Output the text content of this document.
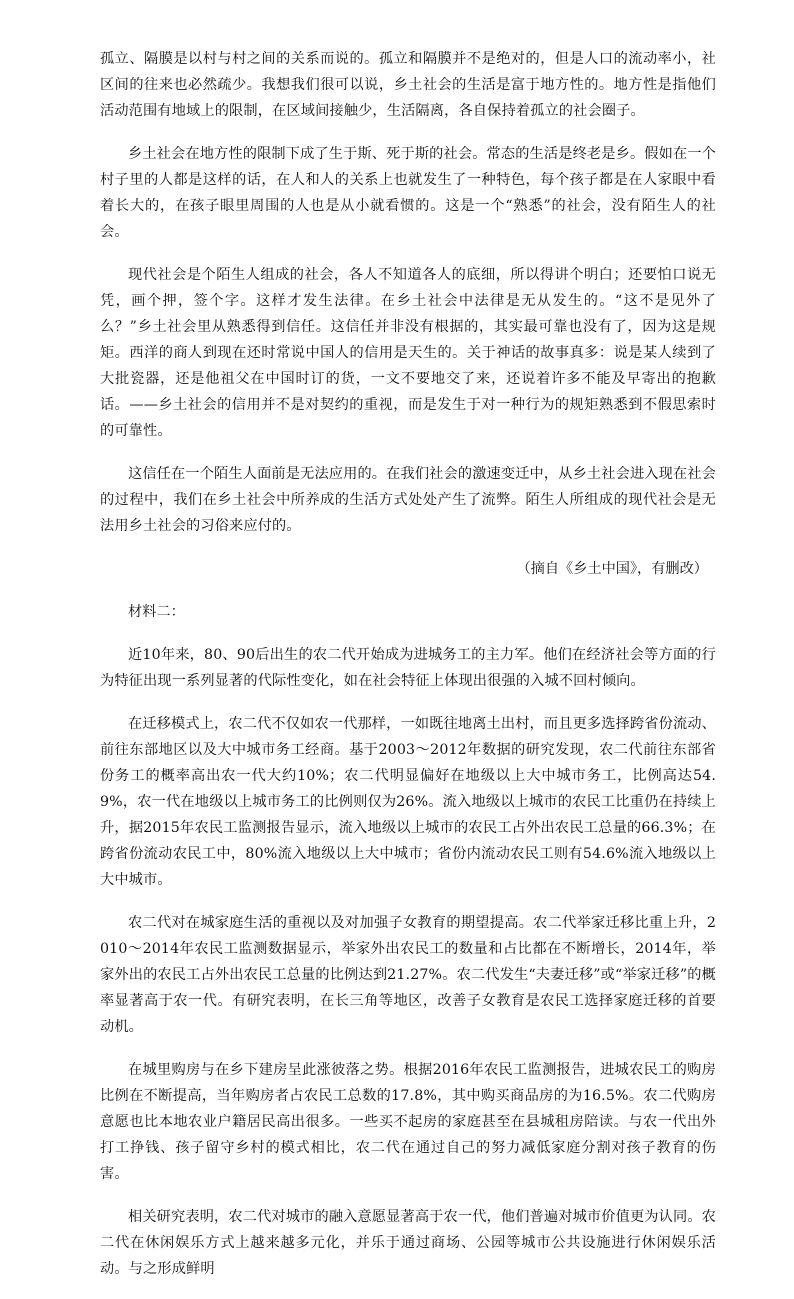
孤立、隔膜是以村与村之间的关系而说的。孤立和隔膜并不是绝对的，但是人口的流动率小，社区间的往来也必然疏少。我想我们很可以说，乡土社会的生活是富于地方性的。地方性是指他们活动范围有地域上的限制，在区域间接触少，生活隔离，各自保持着孤立的社会圈子。

乡土社会在地方性的限制下成了生于斯、死于斯的社会。常态的生活是终老是乡。假如在一个村子里的人都是这样的话，在人和人的关系上也就发生了一种特色，每个孩子都是在人家眼中看着长大的，在孩子眼里周围的人也是从小就看惯的。这是一个“熟悉”的社会，没有陌生人的社会。

现代社会是个陌生人组成的社会，各人不知道各人的底细，所以得讲个明白；还要怕口说无凭，画个押，签个字。这样才发生法律。在乡土社会中法律是无从发生的。“这不是见外了么？”乡土社会里从熟悉得到信任。这信任并非没有根据的，其实最可靠也没有了，因为这是规矩。西洋的商人到现在还时常说中国人的信用是天生的。关于神话的故事真多：说是某人续到了大批瓷器，还是他祖父在中国时订的货，一文不要地交了来，还说着许多不能及早寄出的抱歉话。——乡土社会的信用并不是对契约的重视，而是发生于对一种行为的规矩熟悉到不假思索时的可靠性。

这信任在一个陌生人面前是无法应用的。在我们社会的激速变迁中，从乡土社会进入现在社会的过程中，我们在乡土社会中所养成的生活方式处处产生了流弊。陌生人所组成的现代社会是无法用乡土社会的习俗来应付的。

（摘自《乡土中国》，有删改）

材料二：

近10年来，80、90后出生的农二代开始成为进城务工的主力军。他们在经济社会等方面的行为特征出现一系列显著的代际性变化，如在社会特征上体现出很强的入城不回村倾向。

在迁移模式上，农二代不仅如农一代那样，一如既往地离土出村，而且更多选择跨省份流动、前往东部地区以及大中城市务工经商。基于2003～2012年数据的研究发现，农二代前往东部省份务工的概率高出农一代大约10%；农二代明显偏好在地级以上大中城市务工，比例高达54.9%，农一代在地级以上城市务工的比例则仅为26%。流入地级以上城市的农民工比重仍在持续上升，据2015年农民工监测报告显示，流入地级以上城市的农民工占外出农民工总量的66.3%；在跨省份流动农民工中，80%流入地级以上大中城市；省份内流动农民工则有54.6%流入地级以上大中城市。

农二代对在城家庭生活的重视以及对加强子女教育的期望提高。农二代举家迁移比重上升，2010～2014年农民工监测数据显示，举家外出农民工的数量和占比都在不断增长，2014年，举家外出的农民工占外出农民工总量的比例达到21.27%。农二代发生“夫妻迁移”或“举家迁移”的概率显著高于农一代。有研究表明，在长三角等地区，改善子女教育是农民工选择家庭迁移的首要动机。

在城里购房与在乡下建房呈此涨彼落之势。根据2016年农民工监测报告，进城农民工的购房比例在不断提高，当年购房者占农民工总数的17.8%，其中购买商品房的为16.5%。农二代购房意愿也比本地农业户籍居民高出很多。一些买不起房的家庭甚至在县城租房陪读。与农一代出外打工挣钱、孩子留守乡村的模式相比，农二代在通过自己的努力减低家庭分割对孩子教育的伤害。

相关研究表明，农二代对城市的融入意愿显著高于农一代，他们普遍对城市价值更为认同。农二代在休闲娱乐方式上越来越多元化，并乐于通过商场、公园等城市公共设施进行休闲娱乐活动。与之形成鲜明
